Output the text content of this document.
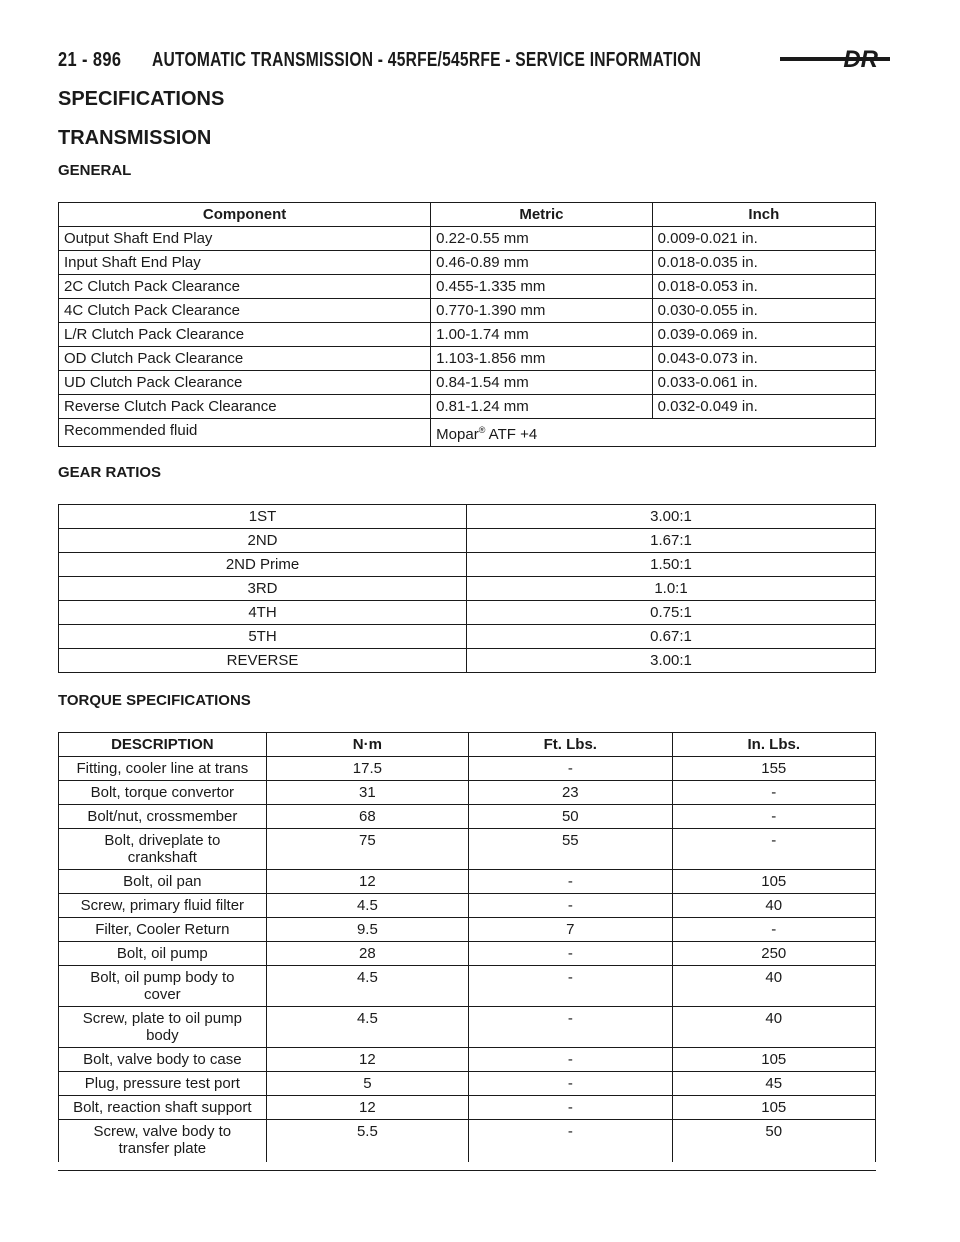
21 - 896 AUTOMATIC TRANSMISSION - 45RFE/545RFE - SERVICE INFORMATION	DR
SPECIFICATIONS
TRANSMISSION
GENERAL
Component	Metric	Inch
Output Shaft End Play	0.22-0.55 mm	0.009-0.021 in.
Input Shaft End Play	0.46-0.89 mm	0.018-0.035 in.
2C Clutch Pack Clearance	0.455-1.335 mm	0.018-0.053 in.
4C Clutch Pack Clearance	0.770-1.390 mm	0.030-0.055 in.
L/R Clutch Pack Clearance	1.00-1.74 mm	0.039-0.069 in.
OD Clutch Pack Clearance	1.103-1.856 mm	0.043-0.073 in.
UD Clutch Pack Clearance	0.84-1.54 mm	0.033-0.061 in.
Reverse Clutch Pack Clearance	0.81-1.24 mm	0.032-0.049 in.
Recommended fluid	Mopar® ATF +4	
GEAR RATIOS
1ST	3.00:1
2ND	1.67:1
2ND Prime	1.50:1
3RD	1.0:1
4TH	0.75:1
5TH	0.67:1
REVERSE	3.00:1
TORQUE SPECIFICATIONS
DESCRIPTION	N·m	Ft. Lbs.	In. Lbs.
Fitting, cooler line at trans	17.5	-	155
Bolt, torque convertor	31	23	-
Bolt/nut, crossmember	68	50	-
Bolt, driveplate to
crankshaft	75	55	-
Bolt, oil pan	12	-	105
Screw, primary fluid filter	4.5	-	40
Filter, Cooler Return	9.5	7	-
Bolt, oil pump	28	-	250
Bolt, oil pump body to
cover	4.5	-	40
Screw, plate to oil pump
body	4.5	-	40
Bolt, valve body to case	12	-	105
Plug, pressure test port	5	-	45
Bolt, reaction shaft support	12	-	105
Screw, valve body to
transfer plate	5.5	-	50
